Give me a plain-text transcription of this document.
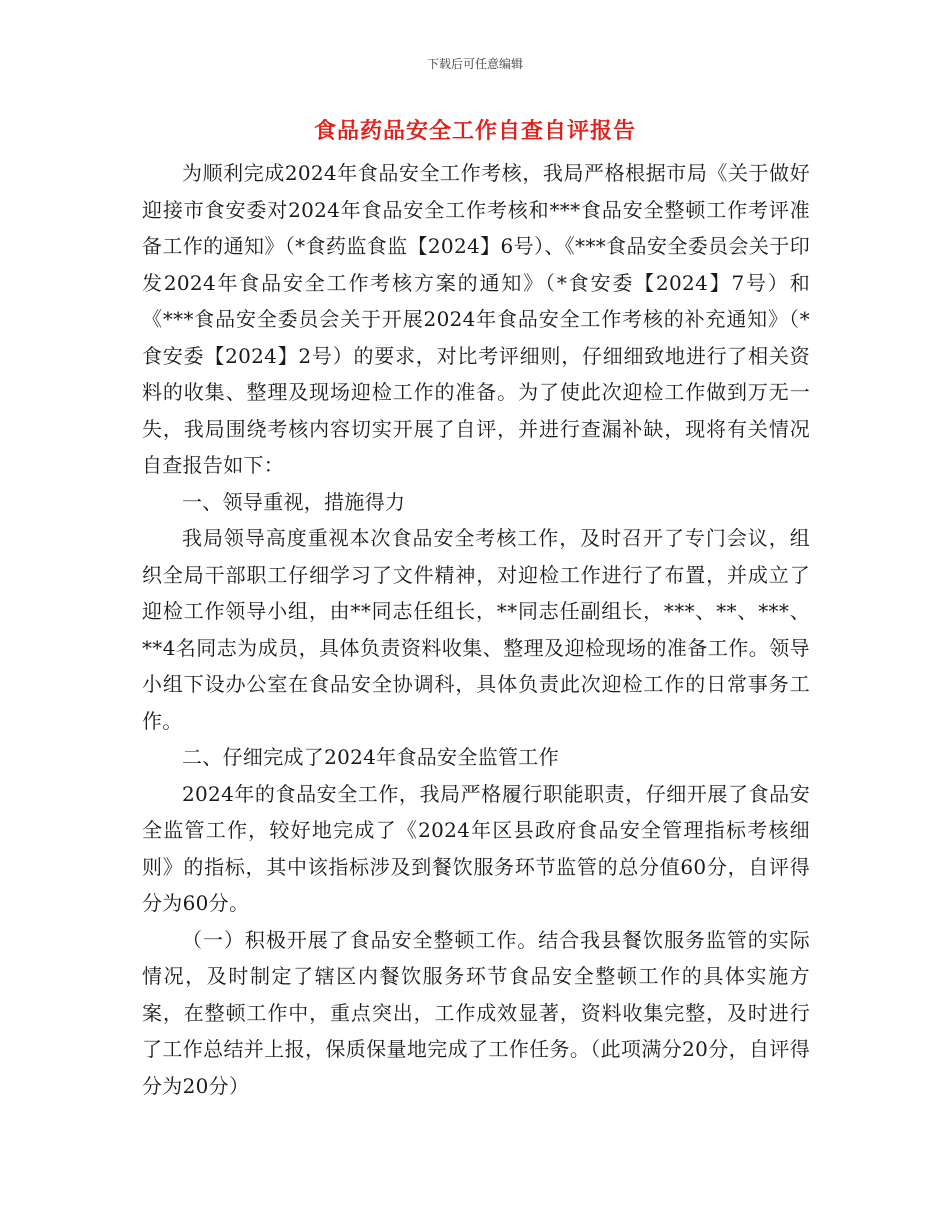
下载后可任意编辑
食品药品安全工作自查自评报告

为顺利完成2024年食品安全工作考核，我局严格根据市局《关于做好迎接市食安委对2024年食品安全工作考核和***食品安全整顿工作考评准备工作的通知》（*食药监食监【2024】6号）、《***食品安全委员会关于印发2024年食品安全工作考核方案的通知》（*食安委【2024】7号）和《***食品安全委员会关于开展2024年食品安全工作考核的补充通知》（*食安委【2024】2号）的要求，对比考评细则，仔细细致地进行了相关资料的收集、整理及现场迎检工作的准备。为了使此次迎检工作做到万无一失，我局围绕考核内容切实开展了自评，并进行查漏补缺，现将有关情况自查报告如下：

一、领导重视，措施得力

我局领导高度重视本次食品安全考核工作，及时召开了专门会议，组织全局干部职工仔细学习了文件精神，对迎检工作进行了布置，并成立了迎检工作领导小组，由**同志任组长，**同志任副组长，***、**、***、**4名同志为成员，具体负责资料收集、整理及迎检现场的准备工作。领导小组下设办公室在食品安全协调科，具体负责此次迎检工作的日常事务工作。

二、仔细完成了2024年食品安全监管工作

2024年的食品安全工作，我局严格履行职能职责，仔细开展了食品安全监管工作，较好地完成了《2024年区县政府食品安全管理指标考核细则》的指标，其中该指标涉及到餐饮服务环节监管的总分值60分，自评得分为60分。

（一）积极开展了食品安全整顿工作。结合我县餐饮服务监管的实际情况，及时制定了辖区内餐饮服务环节食品安全整顿工作的具体实施方案，在整顿工作中，重点突出，工作成效显著，资料收集完整，及时进行了工作总结并上报，保质保量地完成了工作任务。（此项满分20分，自评得分为20分）
